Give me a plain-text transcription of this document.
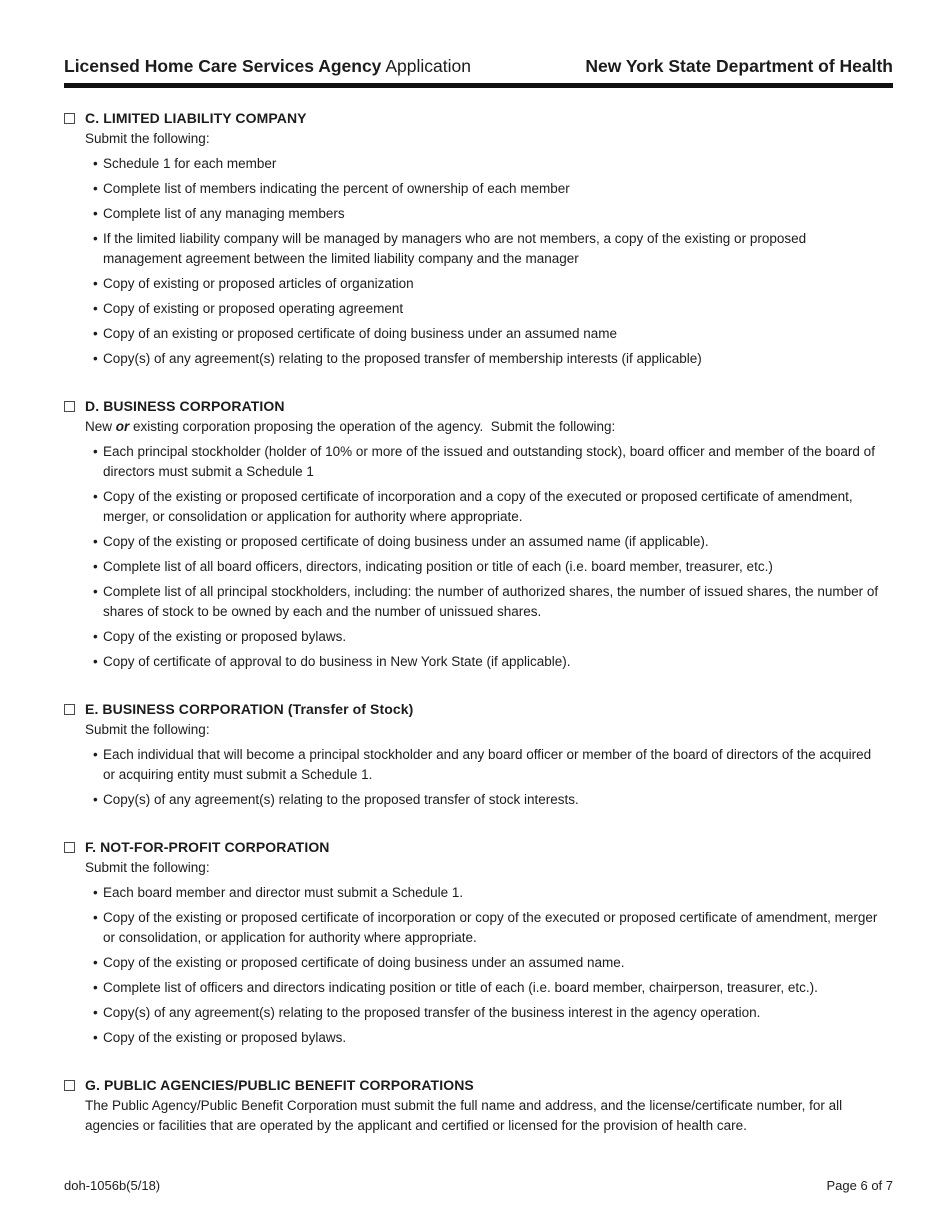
Licensed Home Care Services Agency Application	New York State Department of Health
C. LIMITED LIABILITY COMPANY
Submit the following:
• Schedule 1 for each member
• Complete list of members indicating the percent of ownership of each member
• Complete list of any managing members
• If the limited liability company will be managed by managers who are not members, a copy of the existing or proposed management agreement between the limited liability company and the manager
• Copy of existing or proposed articles of organization
• Copy of existing or proposed operating agreement
• Copy of an existing or proposed certificate of doing business under an assumed name
• Copy(s) of any agreement(s) relating to the proposed transfer of membership interests (if applicable)
D. BUSINESS CORPORATION
New or existing corporation proposing the operation of the agency.  Submit the following:
• Each principal stockholder (holder of 10% or more of the issued and outstanding stock), board officer and member of the board of directors must submit a Schedule 1
• Copy of the existing or proposed certificate of incorporation and a copy of the executed or proposed certificate of amendment, merger, or consolidation or application for authority where appropriate.
• Copy of the existing or proposed certificate of doing business under an assumed name (if applicable).
• Complete list of all board officers, directors, indicating position or title of each (i.e. board member, treasurer, etc.)
• Complete list of all principal stockholders, including: the number of authorized shares, the number of issued shares, the number of shares of stock to be owned by each and the number of unissued shares.
• Copy of the existing or proposed bylaws.
• Copy of certificate of approval to do business in New York State (if applicable).
E. BUSINESS CORPORATION (Transfer of Stock)
Submit the following:
• Each individual that will become a principal stockholder and any board officer or member of the board of directors of the acquired or acquiring entity must submit a Schedule 1.
• Copy(s) of any agreement(s) relating to the proposed transfer of stock interests.
F. NOT-FOR-PROFIT CORPORATION
Submit the following:
• Each board member and director must submit a Schedule 1.
• Copy of the existing or proposed certificate of incorporation or copy of the executed or proposed certificate of amendment, merger or consolidation, or application for authority where appropriate.
• Copy of the existing or proposed certificate of doing business under an assumed name.
• Complete list of officers and directors indicating position or title of each (i.e. board member, chairperson, treasurer, etc.).
• Copy(s) of any agreement(s) relating to the proposed transfer of the business interest in the agency operation.
• Copy of the existing or proposed bylaws.
G. PUBLIC AGENCIES/PUBLIC BENEFIT CORPORATIONS
The Public Agency/Public Benefit Corporation must submit the full name and address, and the license/certificate number, for all agencies or facilities that are operated by the applicant and certified or licensed for the provision of health care.
doh-1056b(5/18)	Page 6 of 7
